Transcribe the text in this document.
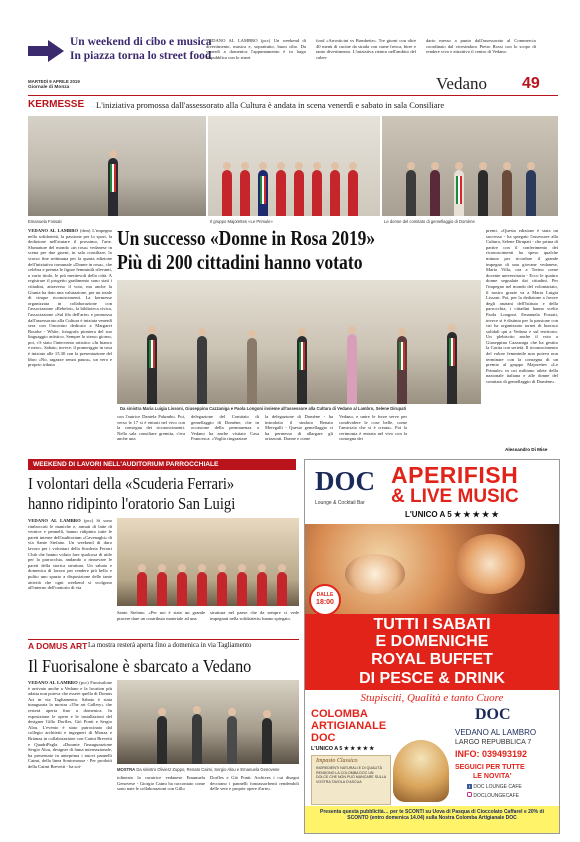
Un weekend di cibo e musica
In piazza torna lo street food
VEDANO AL LAMBRO (pcc) Un weekend di divertimento, musica e, soprattutto, buon cibo. Da venerdì a domenica l'appuntamento è in largo Repubblica con lo street
food «Arrosticini vs Bombette». Tre giorni con oltre 40 menù di cucine da strada con carne fresca, birre e tanto divertimento. L'iniziativa rientra nell'ambito del calen-
dario messo a punto dall'assessorato al Commercio coordinato dal vicesindaco Pietro Rossi con lo scopo di rendere vivo e attrattivo il centro di Vedano.
MARTEDÌ 9 APRILE 2019
Giornale di Monza	Vedano 49
KERMESSE L'iniziativa promossa dall'assessorato alla Cultura è andata in scena venerdì e sabato in sala Consiliare
Emanuela Fossati	Il gruppo Majorettes «Le Primule»	Le donne del comitato di gemellaggio di Domène
VEDANO AL LAMBRO (drm) L'impegno nella solidarietà, la passione per lo sport, la dedizione nell'aiutare il prossimo, l'arte. Sfumature del mondo «in rosa» vedanese in scena per due giorni, in sala consiliare, lo scorso fine settimana per la quarta edizione dell'iniziativa comunale «Donne in rosa», che celebra e premia le figure femminili rilevanti, a vario titolo, le più meritevoli della città. A registrare il progetto gradimento sono stati i cittadini, attraverso il voto, ma anche la Giunta ha dato una valutazione, per un totale di cinque riconoscimenti. La kermesse organizzata in collaborazione con l'associazione «Rebelot», la biblioteca civica, l'associazione «Sul filo dell'arte» e promossa dall'assessorato alla Cultura è iniziata venerdì sera con l'incontro dedicato a Margaret Bourke - White, fotografa pioniera del suo linguaggio artistico. Sempre lo stesso giorno, poi, c'è stato l'intervento artistico «In bianco e nero». Sabato, invece, il pomeriggio in rosa è iniziato alle 15.30 con la presentazione del libro «No, ragazze senza paura», un vero e proprio tributo
Un successo «Donne in Rosa 2019»
Più di 200 cittadini hanno votato
Da sinistra Maria Luigia Lissoni, Giuseppina Cazzaniga e Paola Longoni insieme all'assessore alla Cultura di Vedano al Lambro, Selene Dirupati
con l'autrice Daniela Palumbo. Poi, verso le 17 si è entrati nel vivo con la consegna dei riconoscimenti. Nella sala consiliare gremita, c'era anche una
delegazione del Comitato di gemellaggio di Domène, che in occasione della permanenza a Vedano ha anche visitato Casa Francesca. «Voglio ringraziare
la delegazione di Domène - ha introdotto il sindaco Renato Meregalli - Questo gemellaggio ci ha permesso di allargare gli orizzonti. Donne e come
Vedano, e unire le forze serve per condividere le cose belle, come l'amicizia che si è creata». Poi la cerimonia è entrata nel vivo con la consegna dei
premi. «Questa edizione è stata un successo - ha spiegato l'assessore alla Cultura, Selene Dirupati - che prima di partire con il conferimento dei riconoscimenti ha speso qualche minuto per ricordare il grande impegno di una giovane vedanese, Maria Villa, ora a Torino come docente universitaria - Ecco le quattro donne segnalate dai cittadini. Per l'impegno nel mondo del volontariato, il nostro grazie va a Maria Luigia Lissoni. Poi, per la dedizione a favore degli anziani dell'Istituto e della parrocchia, i cittadini hanno scelto Paola Longoni. Emanuela Fossati, invece si è distinta per la passione con cui ha organizzato tornei di burraco solidali qui a Vedano e sul territorio. Un plebiscito anche il voto a Giuseppina Cazzaniga che ha gestito la Casita con serietà. Il riconoscimento del valore femminile non poteva non terminare con la consegna di un premio al gruppo Majorettes «Le Primule» in cui militano atlete della nazionale italiana e alle donne del comitato di gemellaggio di Domène».
Alessandro Di Mise
WEEKEND DI LAVORI NELL'AUDITORIUM PARROCCHIALE
I volontari della «Scuderia Ferrari»
hanno ridipinto l'oratorio San Luigi
VEDANO AL LAMBRO (pcc) Si sono rimboccati le maniche e, armati di latte di vernice e pennelli, hanno ridipinto tutte le pareti interne dell'auditorium «Cavenaghi» di via Sante Stefano. Un weekend di duro lavoro per i volontari della Scuderia Ferrari Club che hanno voluto fare qualcosa di utile per la parrocchia, andando a rinnovare le pareti della storica struttura. Un sabato e domenica di lavoro per rendere più bello e pulito uno spazio a disposizione delle tante attività che ogni weekend si svolgono all'interno dell'oratorio di via
Santo Stefano. «Per noi è stato un grande piacere dare un contributo materiale ad una
struttura nel paese che da sempre ci vede impegnati nella solidarietà» hanno spiegato.
A DOMUS ART La mostra resterà aperta fino a domenica in via Tagliamento
Il Fuorisalone è sbarcato a Vedano
VEDANO AL LAMBRO (pcc) Fuorisalone è arrivato anche a Vedano e la location più adatta non poteva che essere quella di Domus Art in via Tagliamento. Sabato è stata inaugurata la mostra «The art Gallery» che resterà aperta fino a domenica. In esposizione le opere e le installazioni del designer Gillo Dorfles, Giò Ponti e Sergio Alou. L'evento è stato patrocinato dal collegio architetti e ingegneri di Monza e Brianza in collaborazione con Caimi Brevetti e QuadriPagla. «Durante l'inaugurazione Sergio Alou, designer di fama internazionale, ha presentato in anteprima i nuovi pannelli Caimi, della linea Sonicmouse - Per prodotti della Caimi Brevetti - ha sot-
MOSTRA Da sinistro Olivierz Zuppo, Renato Caimi, Sergio Alou e Emanuela Genovese
tolineato la curatrice vedanese Emanuela Genovese - Giorgio Caimi ha raccontato come sono nate le collaborazioni con Gillo
Dorfles e Giò Ponti. Archives i cui disegni decorano i pannelli fonoassorbenti rendendoli delle vere e proprie opere d'arte».
DOC
Lounge & Cocktail Bar
APERIFISH
& LIVE MUSIC
L'UNICO A 5 ★ ★ ★ ★ ★
DALLE
18:00
TUTTI I SABATI
E DOMENICHE
ROYAL BUFFET
DI PESCE & DRINK
Stupisciti, Qualità e tanto Cuore
COLOMBA
ARTIGIANALE
DOC
L'UNICO A 5 ★ ★ ★ ★ ★
Impasto Classico
INGREDIENTI NATURALI E DI QUALITÀ RENDONO LA COLOMBA DOC UN DOLCE CHE NON PUÒ MANCARE SULLA VOSTRA TAVOLA D'ASCUA
DOC
VEDANO AL LAMBRO
LARGO REPUBBLICA 7
INFO: 039493192
SEGUICI PER TUTTE
LE NOVITA'
f DOC LOUNGE CAFE
DOCLOUNGECAFE
Presenta questa pubblicità… per te SCONTI su Uova di Pasqua di Cioccolato Caffarel e 20% di SCONTO (entro domenica 14.04) sulla Nostra Colomba Artigianale DOC
